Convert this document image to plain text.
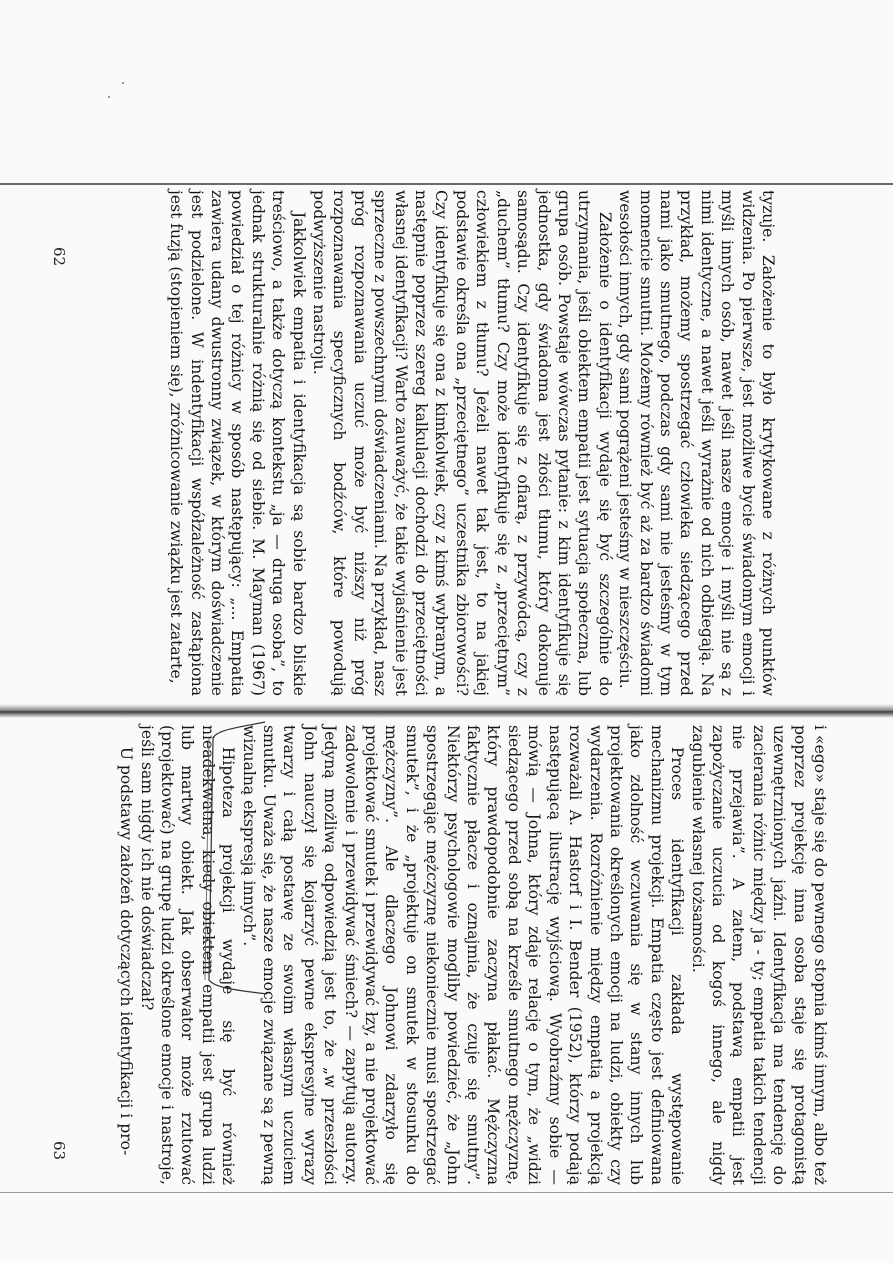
tyzuje. Założenie to było krytykowane z różnych punktów widzenia. Po pierwsze, jest możliwe bycie świadomym emocji i myśli innych osób, nawet jeśli nasze emocje i myśli nie są z nimi identyczne, a nawet jeśli wyrażnie od nich odbiegają. Na przykład, możemy spostrzegać człowieka siedzącego przed nami jako smutnego, podczas gdy sami nie jesteśmy w tym momencie smutni. Możemy również być aż za bardzo świadomi wesołości innych, gdy sami pogrążeni jesteśmy w nieszczęściu.

Założenie o identyfikacji wydaje się być szczególnie do utrzymania, jeśli obiektem empatii jest sytuacja społeczna, lub grupa osób. Powstaje wówczas pytanie: z kim identyfikuje się jednostka, gdy świadoma jest złości tłumu, który dokonuje samosądu. Czy identyfikuje się z ofiarą, z przywódcą, czy z „duchem” tłumu? Czy może identyfikuje się z „przeciętnym” człowiekiem z tłumu? Jeżeli nawet tak jest, to na jakiej podstawie określa ona „przeciętnego” uczestnika zbiorowości? Czy identyfikuje się ona z kimkolwiek, czy z kimś wybranym, a następnie poprzez szereg kalkulacji dochodzi do przeciętności własnej identyfikacji? Warto zauważyć, że takie wyjaśnienie jest sprzeczne z powszechnymi doświadczeniami. Na przykład, nasz próg rozpoznawania uczuć może być niższy niż próg rozpoznawania specyficznych bodźców, które powodują podwyższenie nastroju.

Jakkolwiek empatia i identyfikacja są sobie bardzo bliskie treściowo, a także dotyczą kontekstu „ja — druga osoba”, to jednak strukturalnie różnią się od siebie. M. Mayman (1967) powiedział o tej różnicy w sposób następujący: „... Empatia zawiera udany dwustronny związek, w którym doświadczenie jest podzielone. W indentyfikacji współzależność zastąpiona jest fuzją (stopieniem się), zróżnicowanie związku jest zatarte,

62

i «ego» staje się do pewnego stopnia kimś innym, albo też poprzez projekcję inna osoba staje się protagonistą uzewnętrznionych jaźni. Identyfikacja ma tendencję do zacierania różnic między ja - ty; empatia takich tendencji nie przejawia”. A zatem, podstawą empatii jest zapożyczanie uczucia od kogoś innego, ale nigdy zagubienie własnej tożsamości.

Proces identyfikacji zakłada występowanie mechanizmu projekcji. Empatia często jest definiowana jako zdolność wczuwania się w stany innych lub projektowania określonych emocji na ludzi, obiekty czy wydarzenia. Rozróżnienie między empatią a projekcją rozważali A. Hastorf i I. Bender (1952), którzy podają następującą ilustrację wyjściową. Wyobraźmy sobie — mówią — Johna, który zdaje relację o tym, że „widzi siedzącego przed sobą na krześle smutnego mężczyznę, który prawdopodobnie zaczyna płakać. Mężczyzna faktycznie płacze i oznajmia, że czuje się smutny”. Niektórzy psychologowie mogliby powiedzieć, że „John spostrzegając mężczyznę niekoniecznie musi spostrzegać smutek”, i że „projektuje on smutek w stosunku do mężczyzny”. Ale dlaczego Johnowi zdarzyło się projektować smutek i przewidywać łzy, a nie projektować zadowolenie i przewidywać śmiech? — zapytują autorzy. Jedyną możliwą odpowiedzią jest to, że „w przeszłości John nauczył się kojarzyć pewne ekspresyjne wyrazy twarzy i całą postawę ze swoim własnym uczuciem smutku. Uważa się, że nasze emocje związane są z pewną wizualną ekspresją innych”.

Hipoteza projekcji wydaje się być również nieadekwatna, kiedy obiektem empatii jest grupa ludzi lub martwy obiekt. Jak obserwator może rzutować (projektować) na grupę ludzi określone emocje i nastroje, jeśli sam nigdy ich nie doświadczał?

U podstawy założeń dotyczących identyfikacji i pro-

63
